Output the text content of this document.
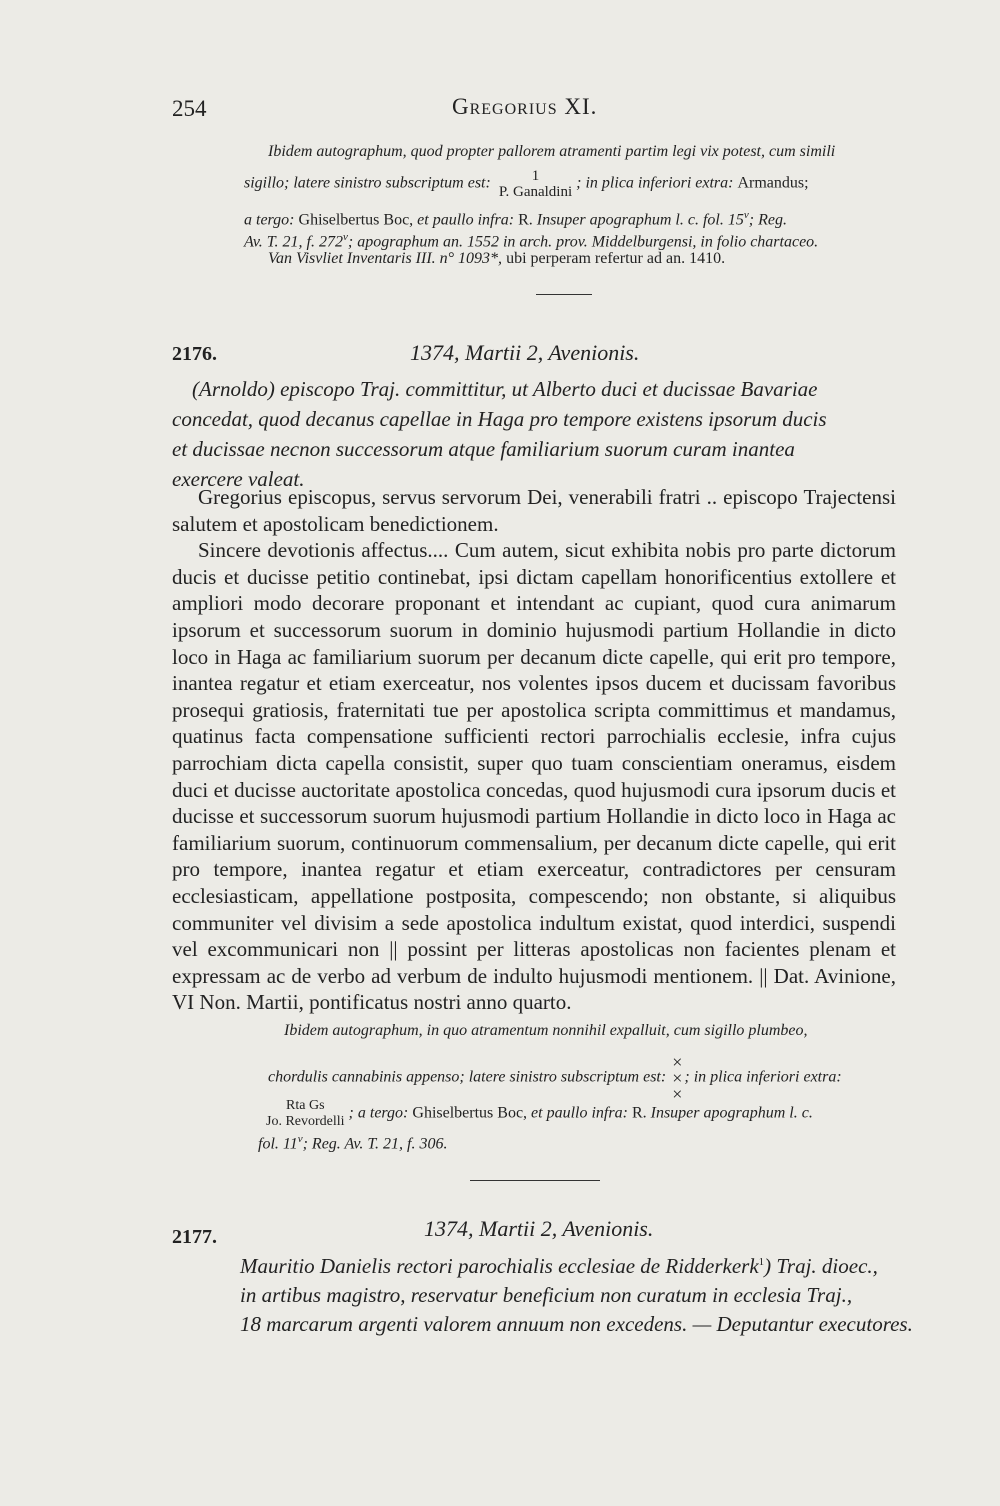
254	Gregorius XI.
Ibidem autographum, quod propter pallorem atramenti partim legi vix potest, cum simili
sigillo; latere sinistro subscriptum est:	1
P. Ganaldini; in plica inferiori extra: Armandus;
a tergo: Ghiselbertus Boc, et paullo infra: R. Insuper apographum l. c. fol. 15$^v$; Reg.
Av. T. 21, f. 272$^v$; apographum an. 1552 in arch. prov. Middelburgensi, in folio chartaceo.
Van Visvliet Inventaris III. n° 1093*, ubi perperam refertur ad an. 1410.
2176.	1374, Martii 2, Avenionis.
(Arnoldo) episcopo Traj. committitur, ut Alberto duci et ducissae Bavariae
concedat, quod decanus capellae in Haga pro tempore existens ipsorum ducis
et ducissae necnon successorum atque familiarium suorum curam inantea
exercere valeat.

Gregorius episcopus, servus servorum Dei, venerabili fratri .. episcopo Trajectensi salutem et apostolicam benedictionem.

Sincere devotionis affectus.... Cum autem, sicut exhibita nobis pro parte dictorum ducis et ducisse petitio continebat, ipsi dictam capellam honorificentius extollere et ampliori modo decorare proponant et intendant ac cupiant, quod cura animarum ipsorum et successorum suorum in dominio hujusmodi partium Hollandie in dicto loco in Haga ac familiarium suorum per decanum dicte capelle, qui erit pro tempore, inantea regatur et etiam exerceatur, nos volentes ipsos ducem et ducissam favoribus prosequi gratiosis, fraternitati tue per apostolica scripta committimus et mandamus, quatinus facta compensatione sufficienti rectori parrochialis ecclesie, infra cujus parrochiam dicta capella consistit, super quo tuam conscientiam oneramus, eisdem duci et ducisse auctoritate apostolica concedas, quod hujusmodi cura ipsorum ducis et ducisse et successorum suorum hujusmodi partium Hollandie in dicto loco in Haga ac familiarium suorum, continuorum commensalium, per decanum dicte capelle, qui erit pro tempore, inantea regatur et etiam exerceatur, contradictores per censuram ecclesiasticam, appellatione postposita, compescendo; non obstante, si aliquibus communiter vel divisim a sede apostolica indultum existat, quod interdici, suspendi vel excommunicari non || possint per litteras apostolicas non facientes plenam et expressam ac de verbo ad verbum de indulto hujusmodi mentionem. || Dat. Avinione, VI Non. Martii, pontificatus nostri anno quarto.

Ibidem autographum, in quo atramentum nonnihil expalluit, cum sigillo plumbeo,
chordulis cannabinis appenso; latere sinistro subscriptum est: ×
×
×; in plica inferiori extra:
Rta Gs
Jo. Revordelli ; a tergo: Ghiselbertus Boc, et paullo infra: R. Insuper apographum l. c.
fol. 11$^v$; Reg. Av. T. 21, f. 306.
2177.	1374, Martii 2, Avenionis.
Mauritio Danielis rectori parochialis ecclesiae de Ridderkerk$^1$) Traj. dioec.,
in artibus magistro, reservatur beneficium non curatum in ecclesia Traj.,
18 marcarum argenti valorem annuum non excedens. — Deputantur executores.
